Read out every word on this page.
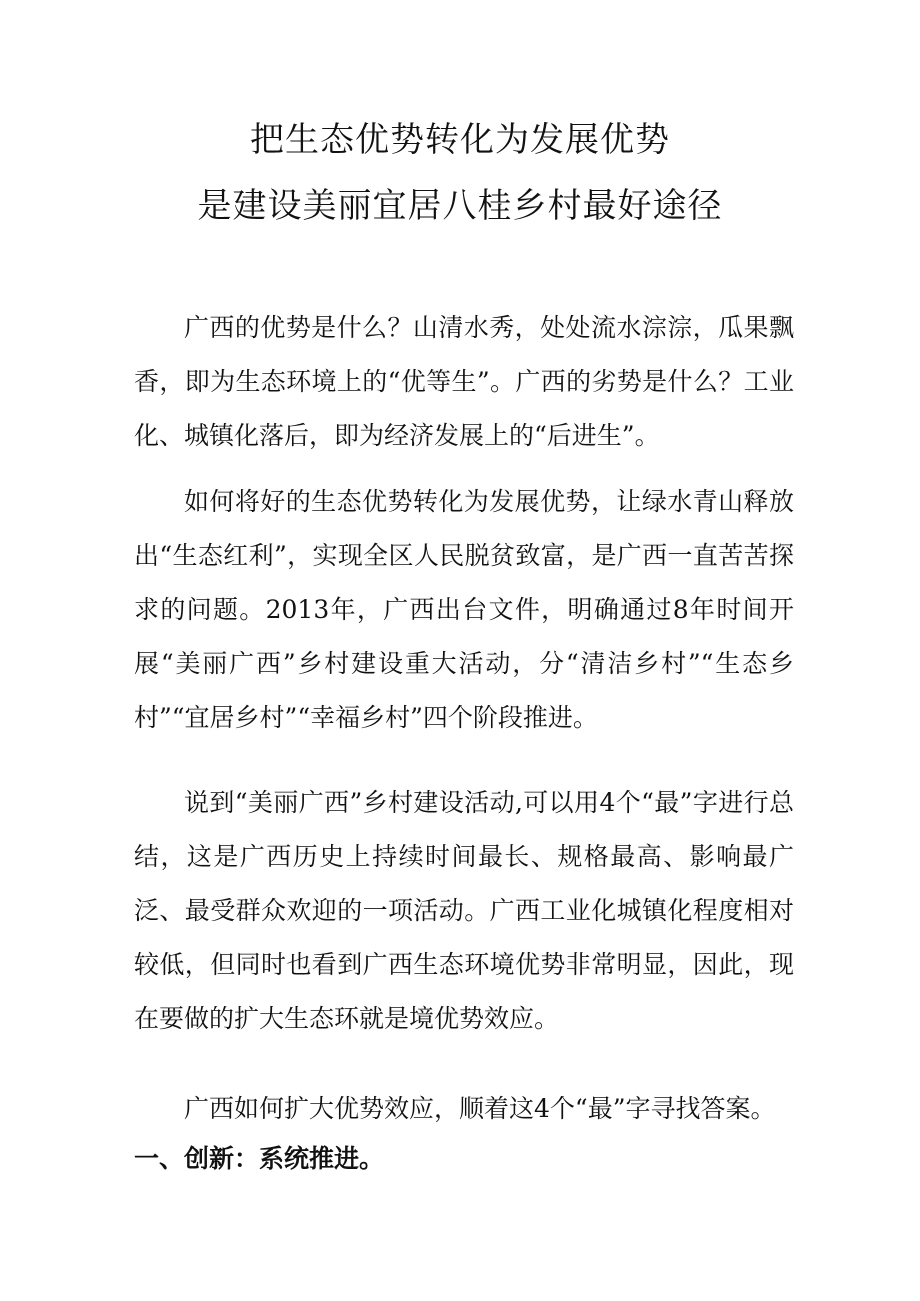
把生态优势转化为发展优势
是建设美丽宜居八桂乡村最好途径

广西的优势是什么？山清水秀，处处流水淙淙，瓜果飘香，即为生态环境上的“优等生”。广西的劣势是什么？工业化、城镇化落后，即为经济发展上的“后进生”。

如何将好的生态优势转化为发展优势，让绿水青山释放出“生态红利”，实现全区人民脱贫致富，是广西一直苦苦探求的问题。2013年，广西出台文件，明确通过8年时间开展“美丽广西”乡村建设重大活动，分“清洁乡村”“生态乡村”“宜居乡村”“幸福乡村”四个阶段推进。

说到“美丽广西”乡村建设活动,可以用4个“最”字进行总结，这是广西历史上持续时间最长、规格最高、影响最广泛、最受群众欢迎的一项活动。广西工业化城镇化程度相对较低，但同时也看到广西生态环境优势非常明显，因此，现在要做的扩大生态环就是境优势效应。

广西如何扩大优势效应，顺着这4个“最”字寻找答案。

一、创新：系统推进。
